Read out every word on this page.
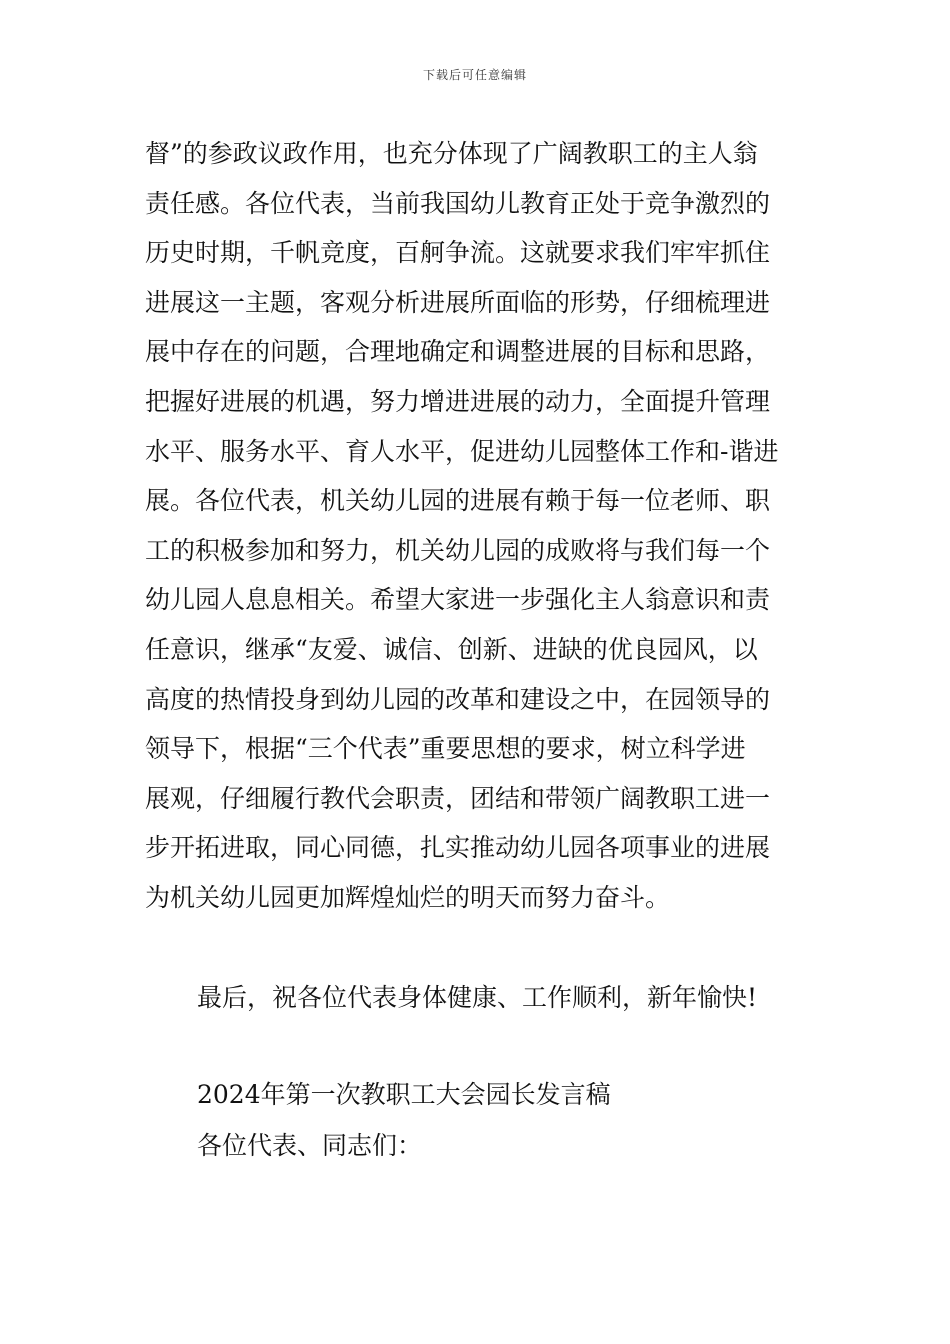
下载后可任意编辑
督”的参政议政作用，也充分体现了广阔教职工的主人翁
责任感。各位代表，当前我国幼儿教育正处于竞争激烈的
历史时期，千帆竞度，百舸争流。这就要求我们牢牢抓住
进展这一主题，客观分析进展所面临的形势，仔细梳理进
展中存在的问题，合理地确定和调整进展的目标和思路，
把握好进展的机遇，努力增进进展的动力，全面提升管理
水平、服务水平、育人水平，促进幼儿园整体工作和-谐进
展。各位代表，机关幼儿园的进展有赖于每一位老师、职
工的积极参加和努力，机关幼儿园的成败将与我们每一个
幼儿园人息息相关。希望大家进一步强化主人翁意识和责
任意识，继承“友爱、诚信、创新、进缺的优良园风，以
高度的热情投身到幼儿园的改革和建设之中，在园领导的
领导下，根据“三个代表”重要思想的要求，树立科学进
展观，仔细履行教代会职责，团结和带领广阔教职工进一
步开拓进取，同心同德，扎实推动幼儿园各项事业的进展
为机关幼儿园更加辉煌灿烂的明天而努力奋斗。
最后，祝各位代表身体健康、工作顺利，新年愉快!
2024年第一次教职工大会园长发言稿
各位代表、同志们：
